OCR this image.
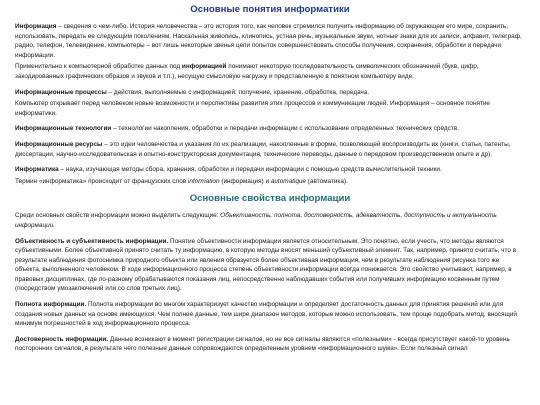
Основные понятия информатики

Информация – сведения о чем-либо. История человечества – это история того, как человек стремился получить информацию об окружающем его мире, сохранить, использовать, передать ее следующим поколениям. Наскальная живопись, клинопись, устная речь, музыкальные звуки, нотные знаки для их записи, алфавит, телеграф, радио, телефон, телевидение, компьютеры – вот лишь некоторые звенья цепи попыток совершенствовать способы получения, сохранения, обработки и передачи информации.

Применительно к компьютерной обработке данных под информацией понимают некоторую последовательность символических обозначений (букв, цифр, закодированных графических образов и звуков и т.п.), несущую смысловую нагрузку и представленную в понятном компьютеру виде.

Информационные процессы – действия, выполняемые с информацией: получение, хранение, обработка, передача.

Компьютер открывает перед человеком новые возможности и перспективы развития этих процессов и коммуникации людей. Информация – основное понятие информатики.

Информационные технологии – технологии накопления, обработки и передачи информации с использование определенных технических средств.

Информационные ресурсы – это идеи человечества и указания по их реализации, накопленные в форме, позволяющей воспроизводить их (книги, статьи, патенты, диссертации, научно-исследовательская и опытно-конструкторская документация, технические переводы, данные о передовом производственном опыте и др).

Информатика – наука, изучающая методы сбора, хранения, обработки и передачи информации с помощью средств вычислительной техники.

Термин «информатика» происходит от французских слов information (информация) и automatique (автоматика).

Основные свойства информации

Среди основных свойств информации можно выделить следующие: Объективность, полнота, достоверность, адекватность, доступность и актуальность информации.

Объективность и субъективность информации. Понятие объективности информации является относительным. Это понятно, если учесть, что методы являются субъективными. Более объективной принято считать ту информацию, в которую методы вносят меньший субъективный элемент. Так, например, принято считать, что в результате наблюдения фотоснимка природного объекта или явления образуется более объективная информация, чем в результате наблюдения рисунка того же объекта, выполненного человеком. В ходе информационного процесса степень объективности информации всегда понижается. Это свойство учитывают, например, в правовых дисциплинах, где по-разному обрабатываются показания лиц, непосредственно наблюдавших события или получивших информацию косвенным путем (посредством умозаключений или со слов третьих лиц).

Полнота информации. Полнота информации во многом характеризует качество информации и определяет достаточность данных для принятия решений или для создания новых данных на основе имеющихся. Чем полнее данные, тем шире диапазон методов, которые можно использовать, тем проще подобрать метод, вносящий минимум погрешностей в ход информационного процесса.

Достоверность информации. Данные возникают в момент регистрации сигналов, но не все сигналы являются «полезными» - всегда присутствует какой-то уровень посторонних сигналов, в результате чего полезные данные сопровождаются определенным уровнем «информационного шума». Если полезный сигнал
